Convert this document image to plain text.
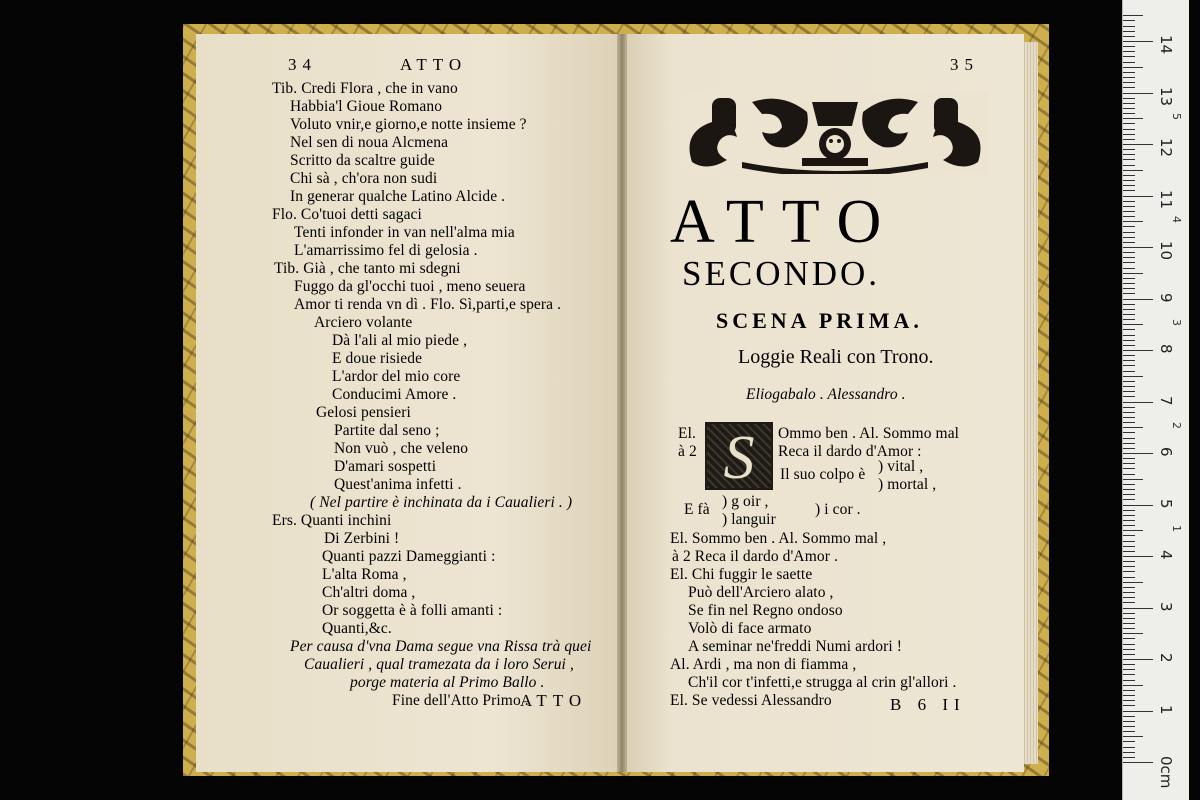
34	ATTO
Tib. Credi Flora , che in vano
Habbia'l Gioue Romano
Voluto vnir,e giorno,e notte insieme ?
Nel sen di noua Alcmena
Scritto da scaltre guide
Chi sà , ch'ora non sudi
In generar qualche Latino Alcide .
Flo. Co'tuoi detti sagaci
Tenti infonder in van nell'alma mia
L'amarrissimo fel di gelosia .
Tib. Già , che tanto mi sdegni
Fuggo da gl'occhi tuoi , meno seuera
Amor ti renda vn dì . Flo. Sì,parti,e spera .
Arciero volante
Dà l'ali al mio piede ,
E doue risiede
L'ardor del mio core
Conducimi Amore .
Gelosi pensieri
Partite dal seno ;
Non vuò , che veleno
D'amari sospetti
Quest'anima infetti .
( Nel partire è inchinata da i Caualieri . )
Ers. Quanti inchini
Di Zerbini !
Quanti pazzi Dameggianti :
L'alta Roma ,
Ch'altri doma ,
Or soggetta è à folli amanti :
Quanti,&c.
Per causa d'vna Dama segue vna Rissa trà quei
Caualieri , qual tramezata da i loro Serui ,
porge materia al Primo Ballo .
Fine dell'Atto Primo .
ATTO
35
ATTO
SECONDO.
SCENA PRIMA.
Loggie Reali con Trono.
Eliogabalo . Alessandro .
S
El.
à 2
Ommo ben . Al. Sommo mal
Reca il dardo d'Amor :
Il suo colpo è ) vital ,
) mortal ,
E fà ) g oir ,
) languir
) i cor .
El. Sommo ben . Al. Sommo mal ,
à 2 Reca il dardo d'Amor .
El. Chi fuggir le saette
Può dell'Arciero alato ,
Se fin nel Regno ondoso
Volò di face armato
A seminar ne'freddi Numi ardori !
Al. Ardi , ma non di fiamma ,
Ch'il cor t'infetti,e strugga al crin gl'allori .
El. Se vedessi Alessandro	B 6 II
14
13
12
11
10
9
8
7
6
5
4
3
2
1
0cm
5
4
3
2
1
